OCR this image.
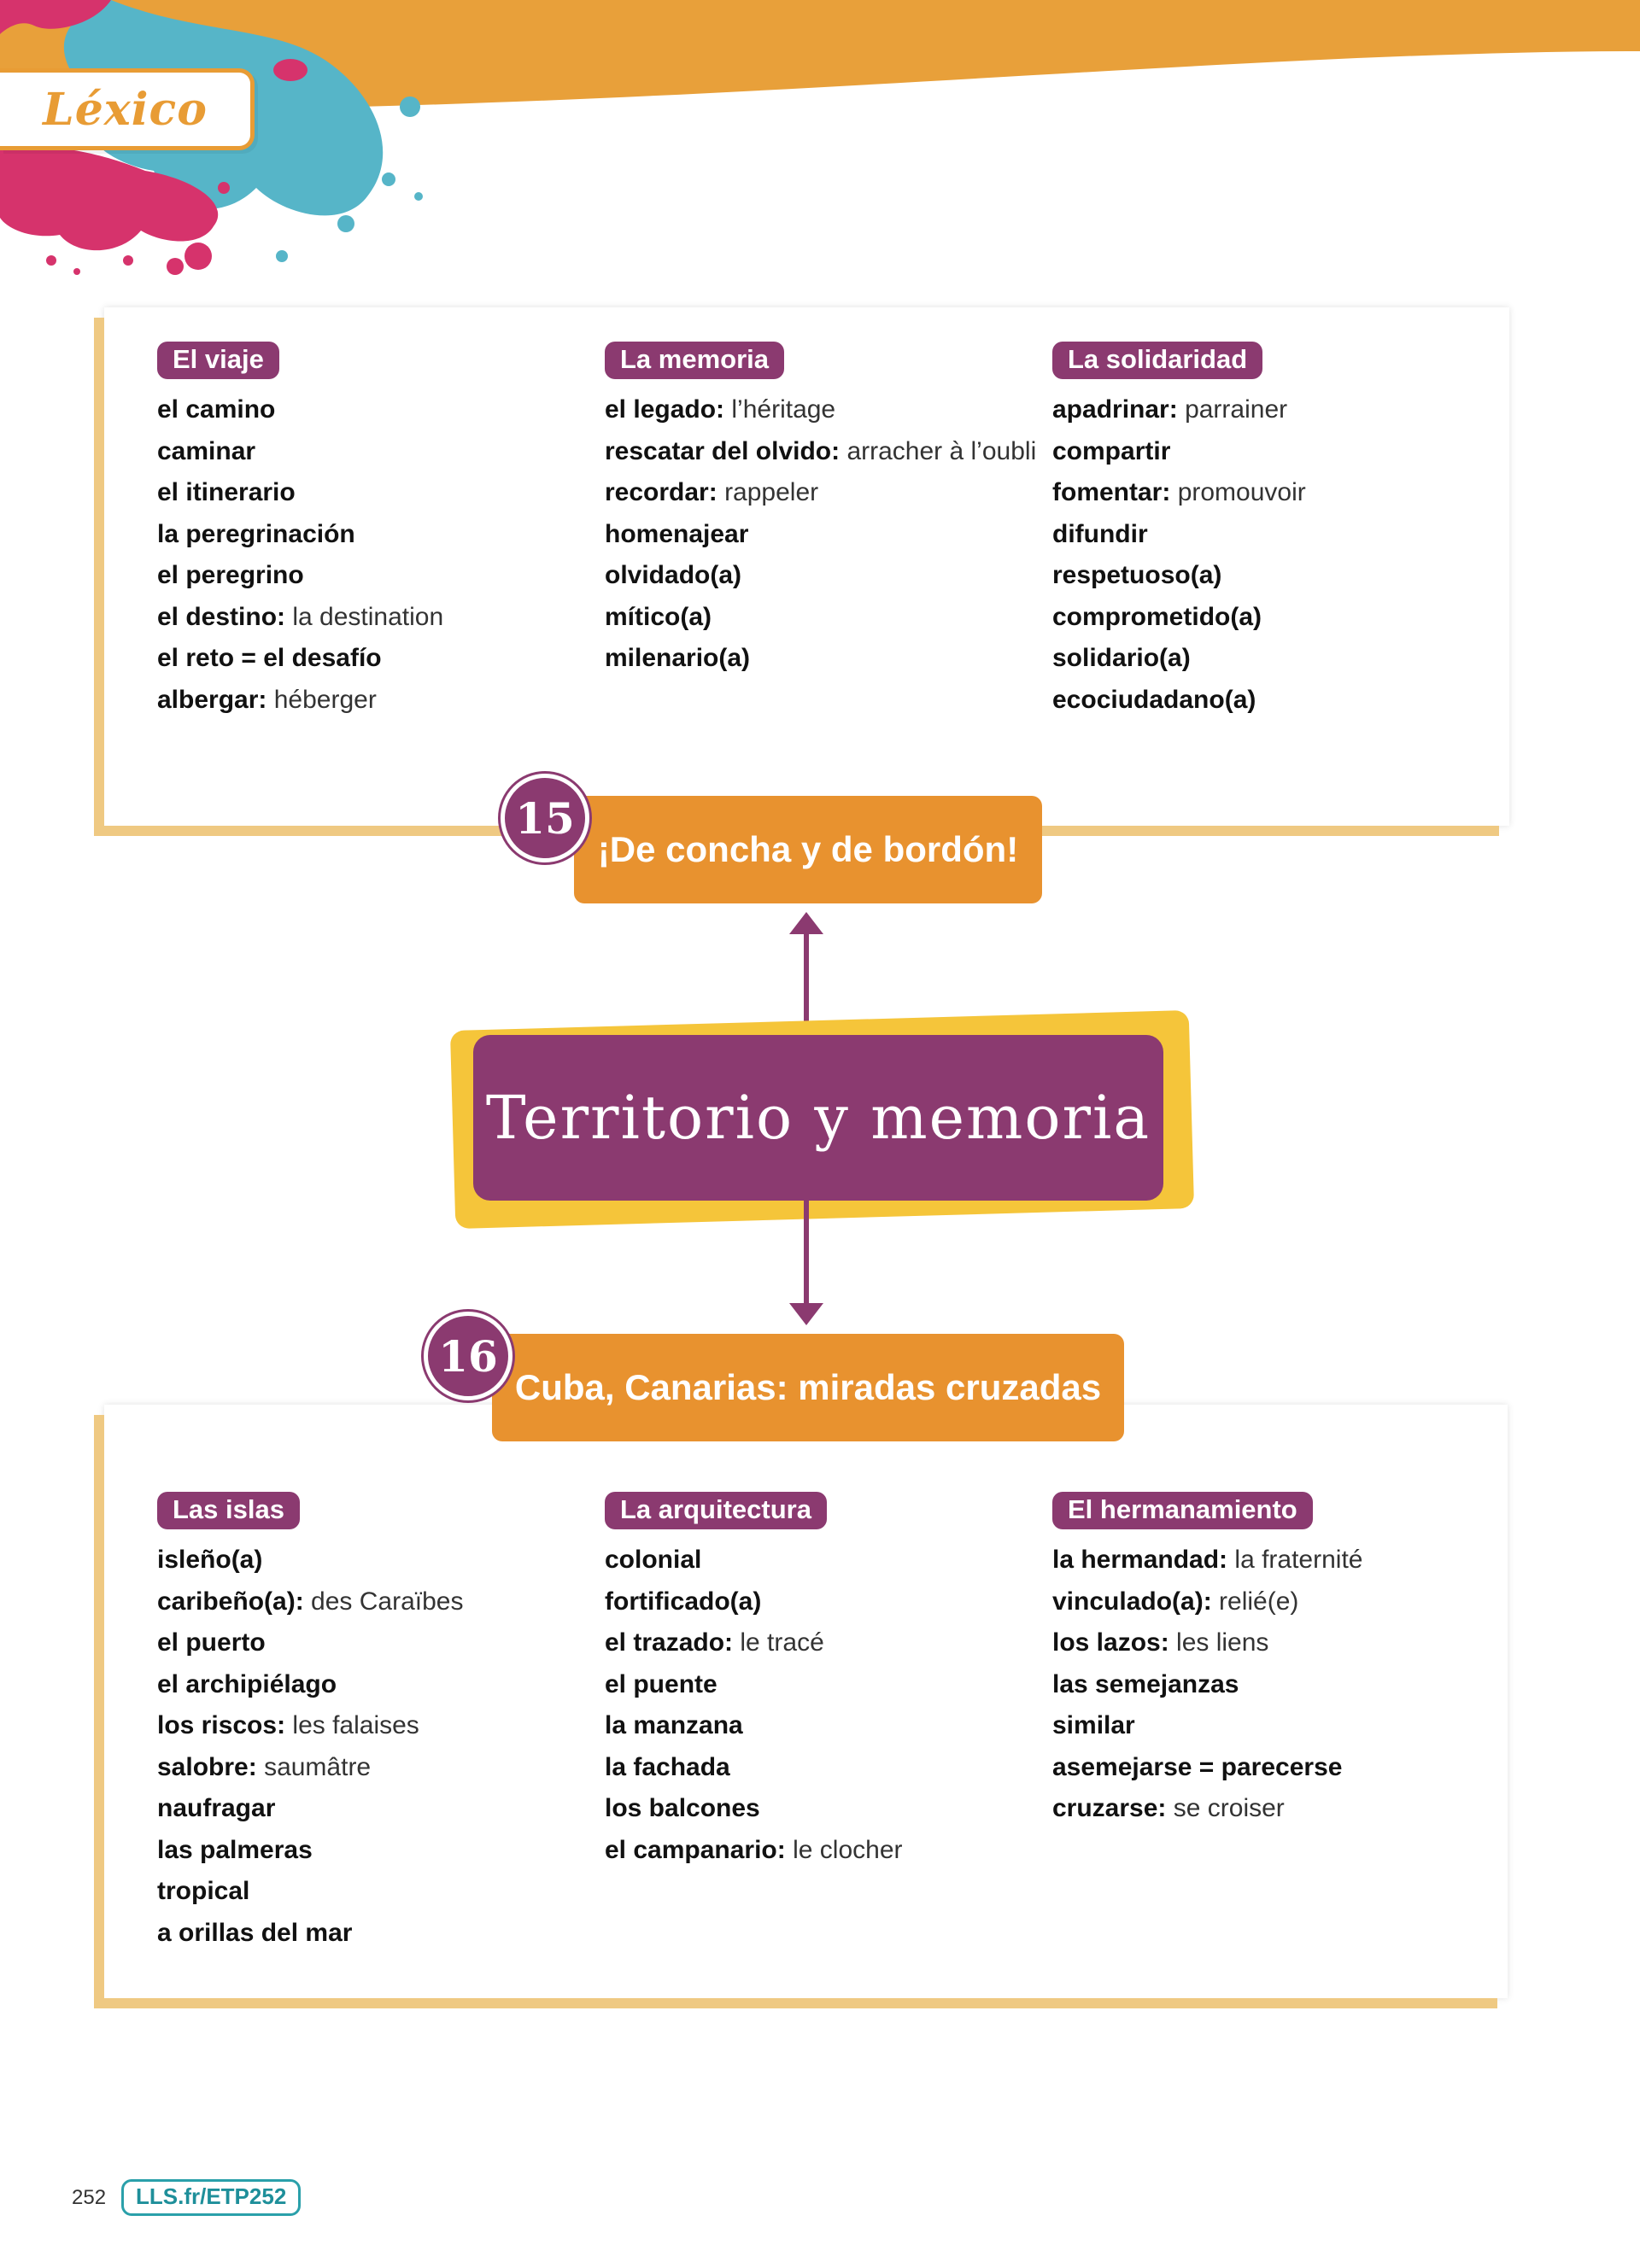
Léxico
El viaje
el camino
caminar
el itinerario
la peregrinación
el peregrino
el destino: la destination
el reto = el desafío
albergar: héberger
La memoria
el legado: l’héritage
rescatar del olvido: arracher à l’oubli
recordar: rappeler
homenajear
olvidado(a)
mítico(a)
milenario(a)
La solidaridad
apadrinar: parrainer
compartir
fomentar: promouvoir
difundir
respetuoso(a)
comprometido(a)
solidario(a)
ecociudadano(a)
¡De concha y de bordón!
15
Territorio y memoria
Las islas
isleño(a)
caribeño(a): des Caraïbes
el puerto
el archipiélago
los riscos: les falaises
salobre: saumâtre
naufragar
las palmeras
tropical
a orillas del mar
La arquitectura
colonial
fortificado(a)
el trazado: le tracé
el puente
la manzana
la fachada
los balcones
el campanario: le clocher
El hermanamiento
la hermandad: la fraternité
vinculado(a): relié(e)
los lazos: les liens
las semejanzas
similar
asemejarse = parecerse
cruzarse: se croiser
Cuba, Canarias: miradas cruzadas
16
252	LLS.fr/ETP252
